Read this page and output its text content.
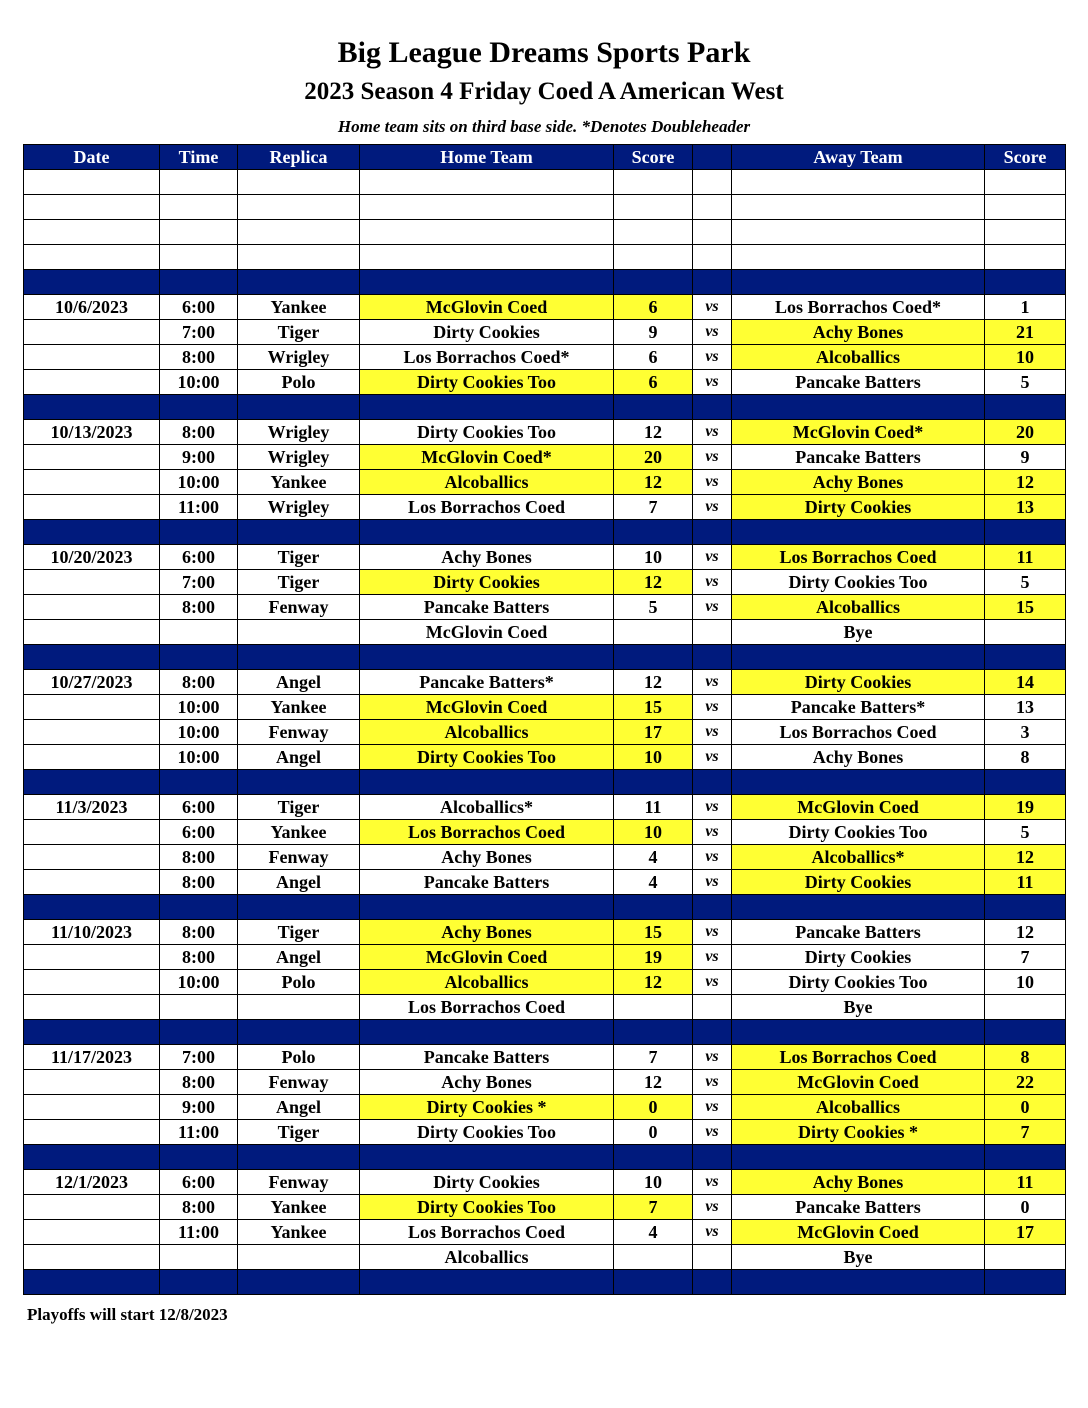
Big League Dreams Sports Park
2023 Season 4 Friday Coed A American West
Home team sits on third base side. *Denotes Doubleheader
Date	Time	Replica	Home Team	Score		Away Team	Score

10/6/2023	6:00	Yankee	McGlovin Coed	6	vs	Los Borrachos Coed*	1
	7:00	Tiger	Dirty Cookies	9	vs	Achy Bones	21
	8:00	Wrigley	Los Borrachos Coed*	6	vs	Alcoballics	10
	10:00	Polo	Dirty Cookies Too	6	vs	Pancake Batters	5

10/13/2023	8:00	Wrigley	Dirty Cookies Too	12	vs	McGlovin Coed*	20
	9:00	Wrigley	McGlovin Coed*	20	vs	Pancake Batters	9
	10:00	Yankee	Alcoballics	12	vs	Achy Bones	12
	11:00	Wrigley	Los Borrachos Coed	7	vs	Dirty Cookies	13

10/20/2023	6:00	Tiger	Achy Bones	10	vs	Los Borrachos Coed	11
	7:00	Tiger	Dirty Cookies	12	vs	Dirty Cookies Too	5
	8:00	Fenway	Pancake Batters	5	vs	Alcoballics	15
			McGlovin Coed			Bye	

10/27/2023	8:00	Angel	Pancake Batters*	12	vs	Dirty Cookies	14
	10:00	Yankee	McGlovin Coed	15	vs	Pancake Batters*	13
	10:00	Fenway	Alcoballics	17	vs	Los Borrachos Coed	3
	10:00	Angel	Dirty Cookies Too	10	vs	Achy Bones	8

11/3/2023	6:00	Tiger	Alcoballics*	11	vs	McGlovin Coed	19
	6:00	Yankee	Los Borrachos Coed	10	vs	Dirty Cookies Too	5
	8:00	Fenway	Achy Bones	4	vs	Alcoballics*	12
	8:00	Angel	Pancake Batters	4	vs	Dirty Cookies	11

11/10/2023	8:00	Tiger	Achy Bones	15	vs	Pancake Batters	12
	8:00	Angel	McGlovin Coed	19	vs	Dirty Cookies	7
	10:00	Polo	Alcoballics	12	vs	Dirty Cookies Too	10
			Los Borrachos Coed			Bye	

11/17/2023	7:00	Polo	Pancake Batters	7	vs	Los Borrachos Coed	8
	8:00	Fenway	Achy Bones	12	vs	McGlovin Coed	22
	9:00	Angel	Dirty Cookies *	0	vs	Alcoballics	0
	11:00	Tiger	Dirty Cookies Too	0	vs	Dirty Cookies *	7

12/1/2023	6:00	Fenway	Dirty Cookies	10	vs	Achy Bones	11
	8:00	Yankee	Dirty Cookies Too	7	vs	Pancake Batters	0
	11:00	Yankee	Los Borrachos Coed	4	vs	McGlovin Coed	17
			Alcoballics			Bye	

Playoffs will start 12/8/2023
